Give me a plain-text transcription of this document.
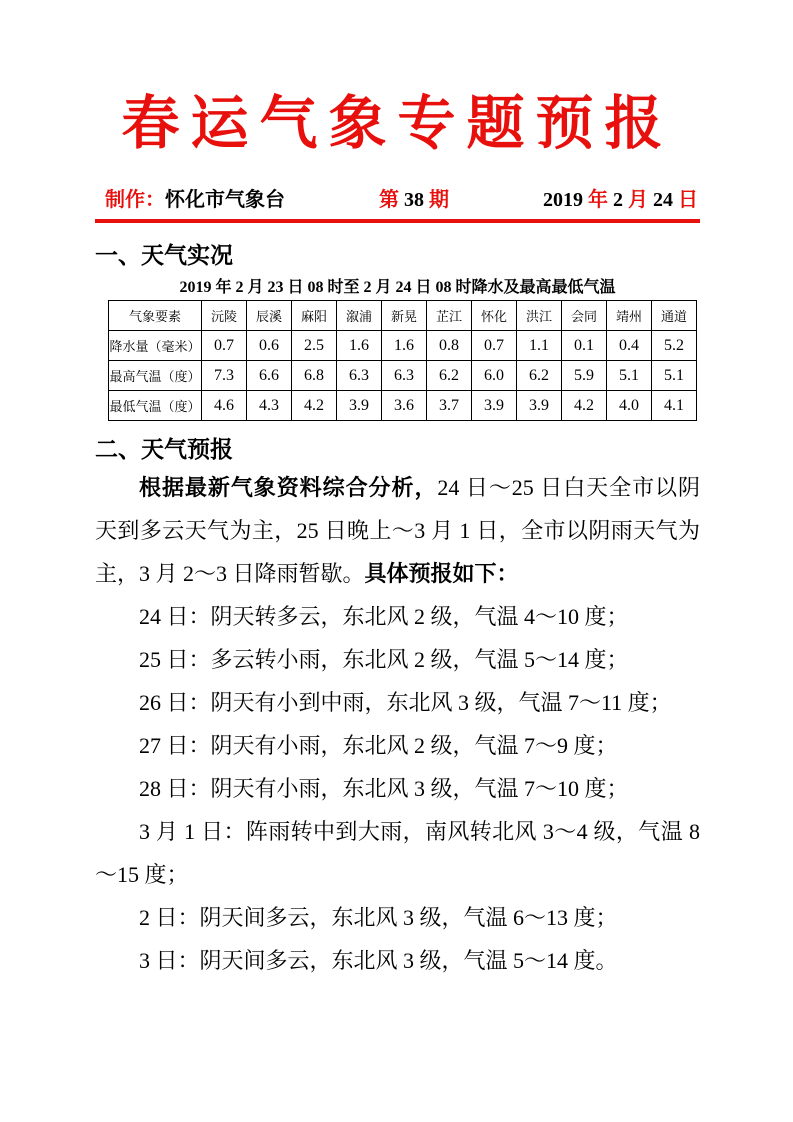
春运气象专题预报
制作：怀化市气象台	第 38 期	2019 年 2 月 24 日
一、天气实况
2019 年 2 月 23 日 08 时至 2 月 24 日 08 时降水及最高最低气温
气象要素	沅陵	辰溪	麻阳	溆浦	新晃	芷江	怀化	洪江	会同	靖州	通道
降水量（毫米）	0.7	0.6	2.5	1.6	1.6	0.8	0.7	1.1	0.1	0.4	5.2
最高气温（度）	7.3	6.6	6.8	6.3	6.3	6.2	6.0	6.2	5.9	5.1	5.1
最低气温（度）	4.6	4.3	4.2	3.9	3.6	3.7	3.9	3.9	4.2	4.0	4.1
二、天气预报

根据最新气象资料综合分析，24 日～25 日白天全市以阴天到多云天气为主，25 日晚上～3 月 1 日，全市以阴雨天气为主，3 月 2～3 日降雨暂歇。具体预报如下：

24 日：阴天转多云，东北风 2 级，气温 4～10 度；

25 日：多云转小雨，东北风 2 级，气温 5～14 度；

26 日：阴天有小到中雨，东北风 3 级，气温 7～11 度；

27 日：阴天有小雨，东北风 2 级，气温 7～9 度；

28 日：阴天有小雨，东北风 3 级，气温 7～10 度；

3 月 1 日：阵雨转中到大雨，南风转北风 3～4 级，气温 8～15 度；

2 日：阴天间多云，东北风 3 级，气温 6～13 度；

3 日：阴天间多云，东北风 3 级，气温 5～14 度。
